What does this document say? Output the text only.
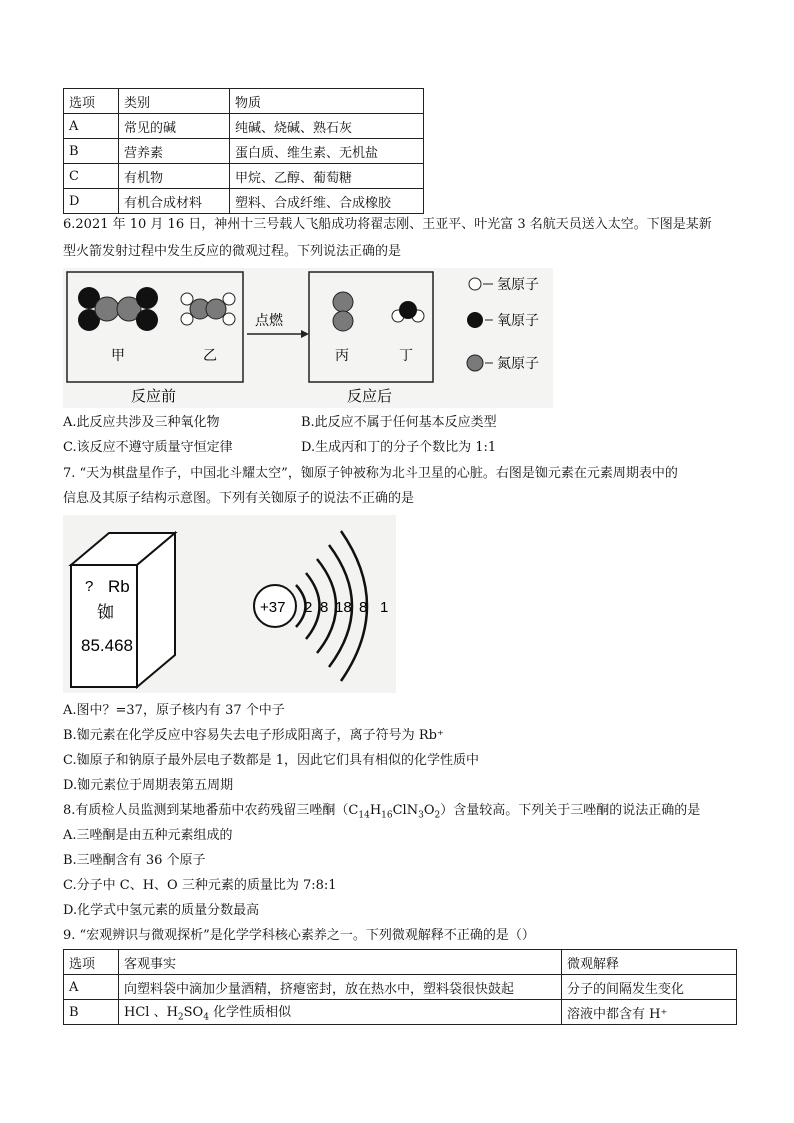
选项	类别	物质
A	常见的碱	纯碱、烧碱、熟石灰
B	营养素	蛋白质、维生素、无机盐
C	有机物	甲烷、乙醇、葡萄糖
D	有机合成材料	塑料、合成纤维、合成橡胶
6.2021 年 10 月 16 日，神州十三号载人飞船成功将翟志刚、王亚平、叶光富 3 名航天员送入太空。下图是某新
型火箭发射过程中发生反应的微观过程。下列说法正确的是
甲	乙
反应前
点燃
丙	丁
反应后
氢原子
氧原子
氮原子
A.此反应共涉及三种氧化物	B.此反应不属于任何基本反应类型
C.该反应不遵守质量守恒定律	D.生成丙和丁的分子个数比为 1:1
7. “天为棋盘星作子，中国北斗耀太空”，铷原子钟被称为北斗卫星的心脏。右图是铷元素在元素周期表中的
信息及其原子结构示意图。下列有关铷原子的说法不正确的是
? Rb
铷
85.468
+37 2 8 18 8 1
A.图中？=37，原子核内有 37 个中子
B.铷元素在化学反应中容易失去电子形成阳离子，离子符号为 Rb⁺
C.铷原子和钠原子最外层电子数都是 1，因此它们具有相似的化学性质中
D.铷元素位于周期表第五周期
8.有质检人员监测到某地番茄中农药残留三唑酮$(C_{14}H_{16}ClN_3O_2)$含量较高。下列关于三唑酮的说法正确的是
A.三唑酮是由五种元素组成的
B.三唑酮含有 36 个原子
C.分子中 C、H、O 三种元素的质量比为 7:8:1
D.化学式中氢元素的质量分数最高
9. “宏观辨识与微观探析”是化学学科核心素养之一。下列微观解释不正确的是（）
选项	客观事实	微观解释
A	向塑料袋中滴加少量酒精，挤瘪密封，放在热水中，塑料袋很快鼓起	分子的间隔发生变化
B	HCl 、$H_2SO_4$ 化学性质相似	溶液中都含有 H⁺
